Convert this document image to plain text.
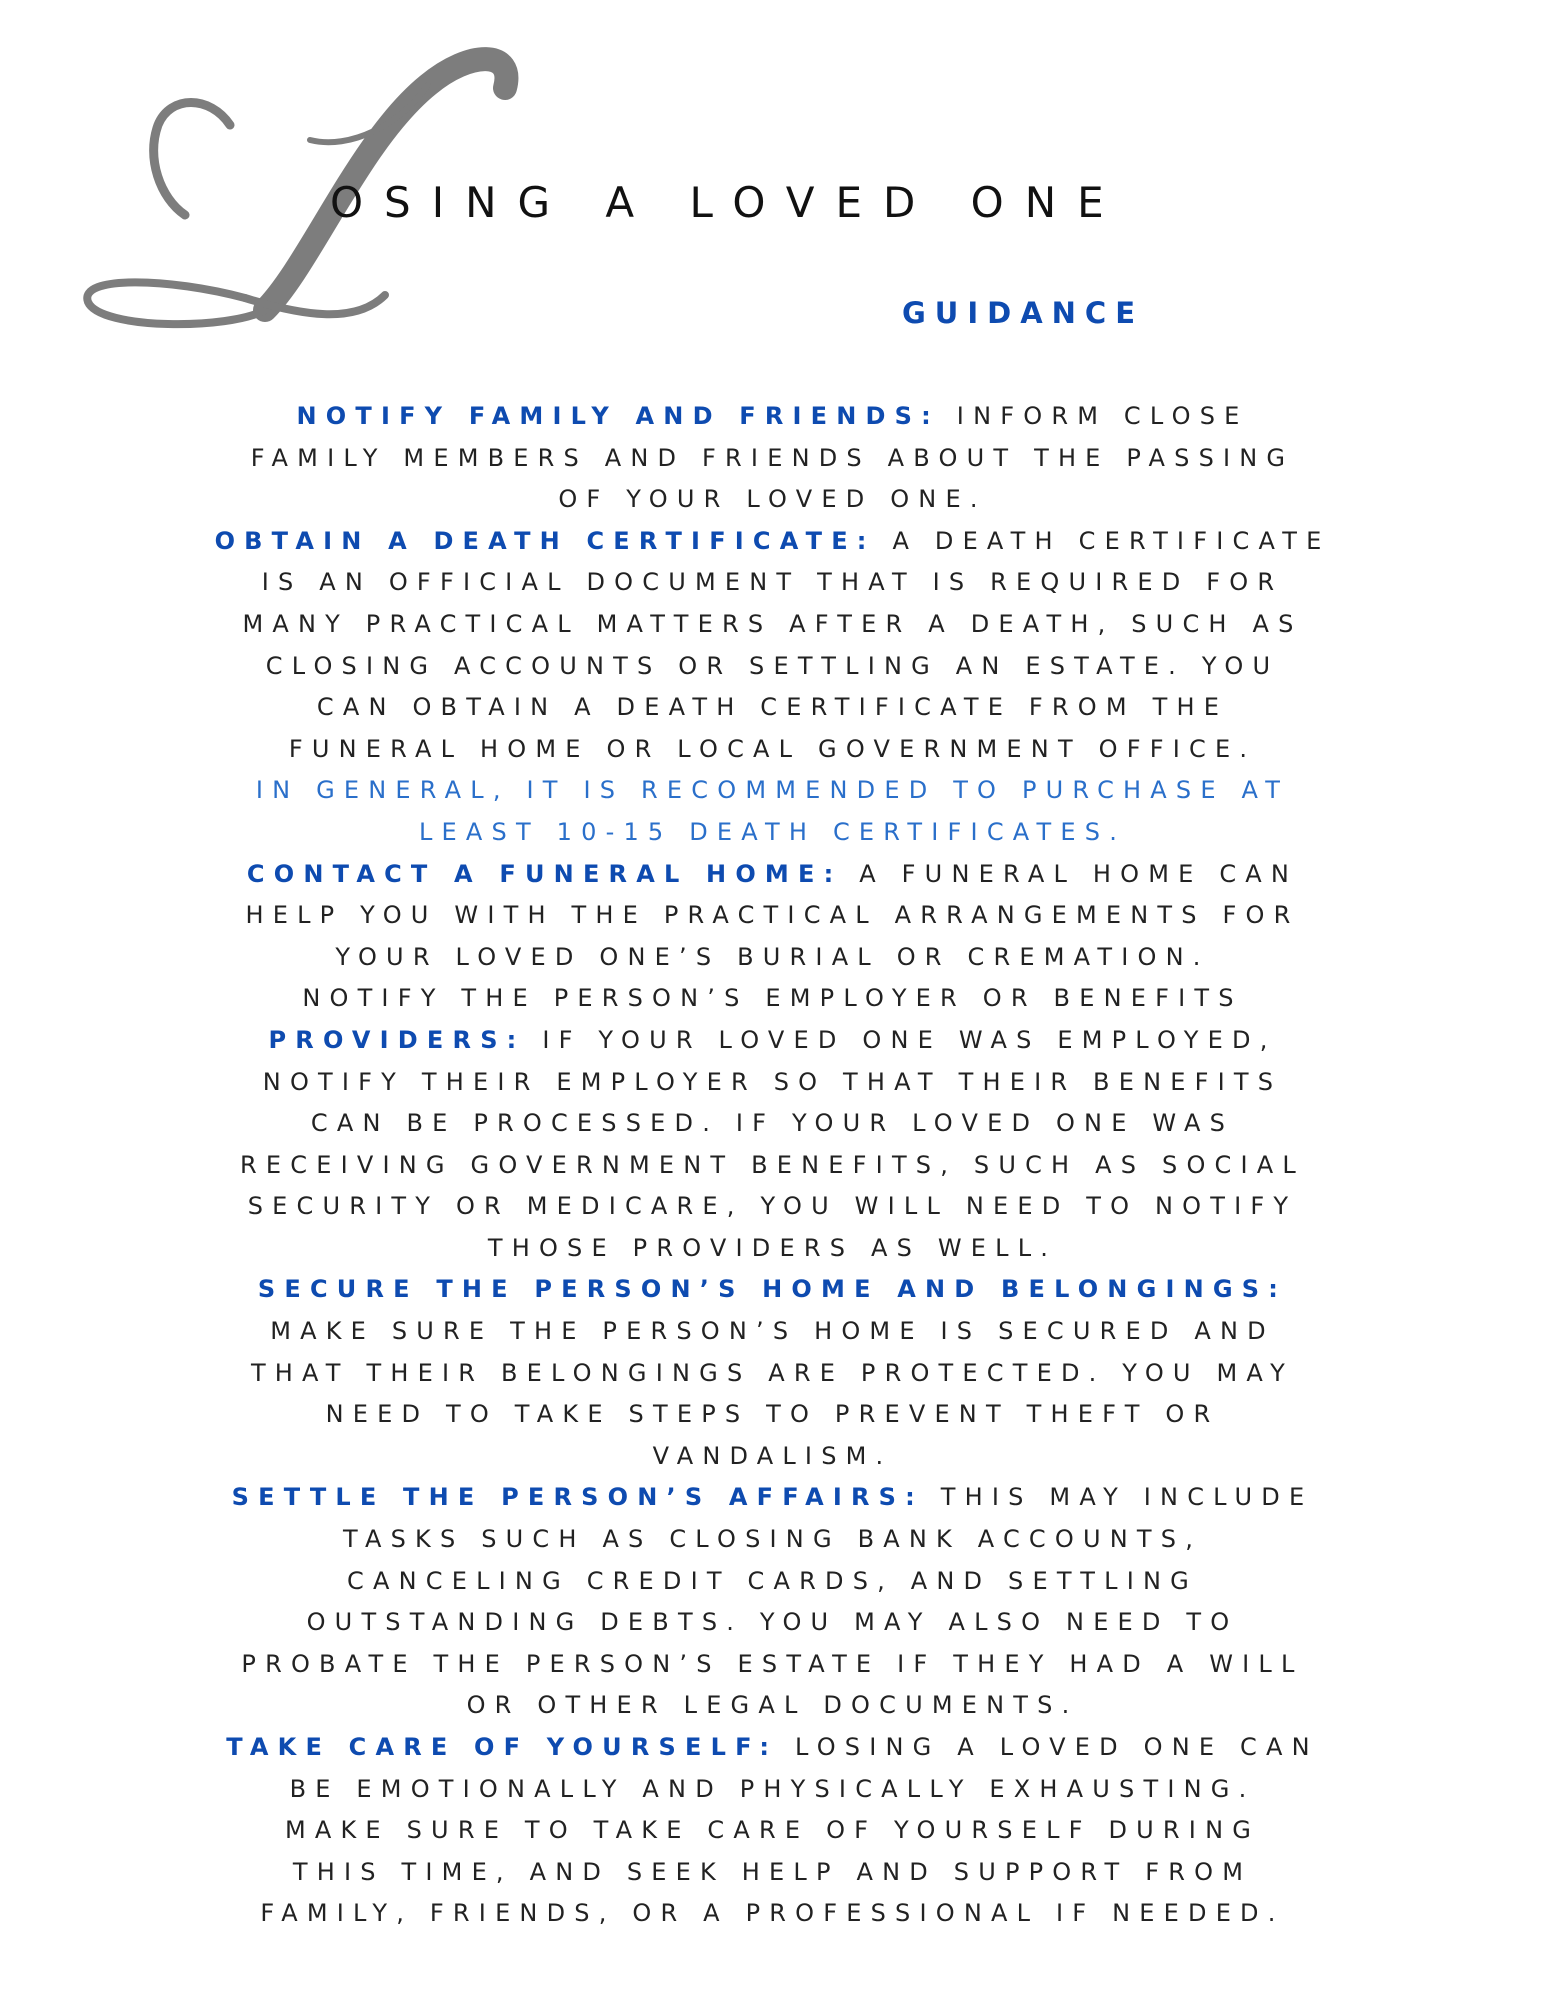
OSING A LOVED ONE
GUIDANCE
NOTIFY FAMILY AND FRIENDS: INFORM CLOSE
FAMILY MEMBERS AND FRIENDS ABOUT THE PASSING
OF YOUR LOVED ONE.
OBTAIN A DEATH CERTIFICATE: A DEATH CERTIFICATE
IS AN OFFICIAL DOCUMENT THAT IS REQUIRED FOR
MANY PRACTICAL MATTERS AFTER A DEATH, SUCH AS
CLOSING ACCOUNTS OR SETTLING AN ESTATE. YOU
CAN OBTAIN A DEATH CERTIFICATE FROM THE
FUNERAL HOME OR LOCAL GOVERNMENT OFFICE.
IN GENERAL, IT IS RECOMMENDED TO PURCHASE AT
LEAST 10-15 DEATH CERTIFICATES.
CONTACT A FUNERAL HOME: A FUNERAL HOME CAN
HELP YOU WITH THE PRACTICAL ARRANGEMENTS FOR
YOUR LOVED ONE’S BURIAL OR CREMATION.
NOTIFY THE PERSON’S EMPLOYER OR BENEFITS
PROVIDERS: IF YOUR LOVED ONE WAS EMPLOYED,
NOTIFY THEIR EMPLOYER SO THAT THEIR BENEFITS
CAN BE PROCESSED. IF YOUR LOVED ONE WAS
RECEIVING GOVERNMENT BENEFITS, SUCH AS SOCIAL
SECURITY OR MEDICARE, YOU WILL NEED TO NOTIFY
THOSE PROVIDERS AS WELL.
SECURE THE PERSON’S HOME AND BELONGINGS:
MAKE SURE THE PERSON’S HOME IS SECURED AND
THAT THEIR BELONGINGS ARE PROTECTED. YOU MAY
NEED TO TAKE STEPS TO PREVENT THEFT OR
VANDALISM.
SETTLE THE PERSON’S AFFAIRS: THIS MAY INCLUDE
TASKS SUCH AS CLOSING BANK ACCOUNTS,
CANCELING CREDIT CARDS, AND SETTLING
OUTSTANDING DEBTS. YOU MAY ALSO NEED TO
PROBATE THE PERSON’S ESTATE IF THEY HAD A WILL
OR OTHER LEGAL DOCUMENTS.
TAKE CARE OF YOURSELF: LOSING A LOVED ONE CAN
BE EMOTIONALLY AND PHYSICALLY EXHAUSTING.
MAKE SURE TO TAKE CARE OF YOURSELF DURING
THIS TIME, AND SEEK HELP AND SUPPORT FROM
FAMILY, FRIENDS, OR A PROFESSIONAL IF NEEDED.
